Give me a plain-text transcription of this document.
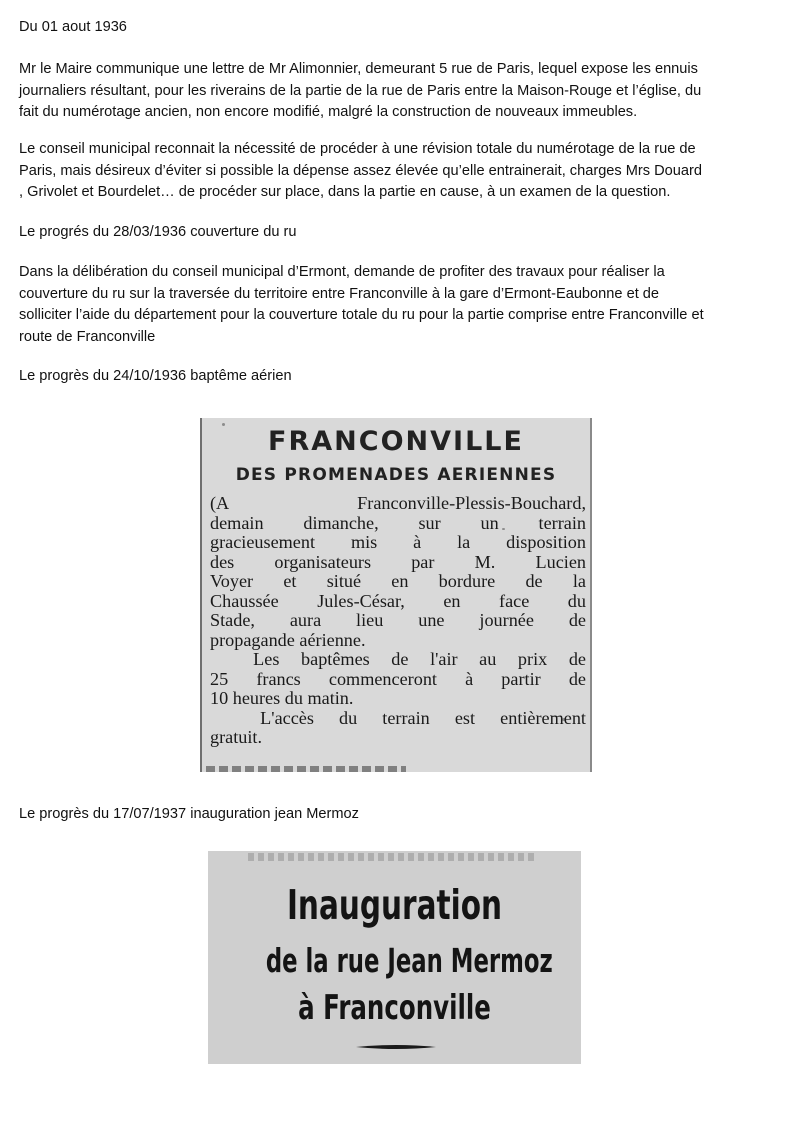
Du 01 aout 1936

Mr le Maire communique une lettre de Mr Alimonnier, demeurant 5 rue de Paris, lequel expose les ennuis
journaliers résultant, pour les riverains de la partie de la rue de Paris entre la Maison-Rouge et l’église, du
fait du numérotage ancien, non encore modifié, malgré la construction de nouveaux immeubles.

Le conseil municipal reconnait la nécessité de procéder à une révision totale du numérotage de la rue de
Paris, mais désireux d’éviter si possible la dépense assez élevée qu’elle entrainerait, charges Mrs Douard
, Grivolet et Bourdelet… de procéder sur place, dans la partie en cause, à un examen de la question.

Le progrés du 28/03/1936 couverture du ru

Dans la délibération du conseil municipal d’Ermont, demande de profiter des travaux pour réaliser la
couverture du ru sur la traversée du territoire entre Franconville à la gare d’Ermont-Eaubonne et de
solliciter l’aide du département pour la couverture totale du ru pour la partie comprise entre Franconville et
route de Franconville

Le progrès du 24/10/1936 baptême aérien

FRANCONVILLE
DES PROMENADES AERIENNES
(A Franconville-Plessis-Bouchard,
demain dimanche, sur un terrain
gracieusement mis à la disposition
des organisateurs par M. Lucien
Voyer et situé en bordure de la
Chaussée Jules-César, en face du
Stade, aura lieu une journée de
propagande aérienne.
Les baptêmes de l'air au prix de
25 francs commenceront à partir de
10 heures du matin.
L'accès du terrain est entièrement
gratuit.

Le progrès du 17/07/1937 inauguration jean Mermoz

Inauguration
de la rue Jean Mermoz
à Franconville
